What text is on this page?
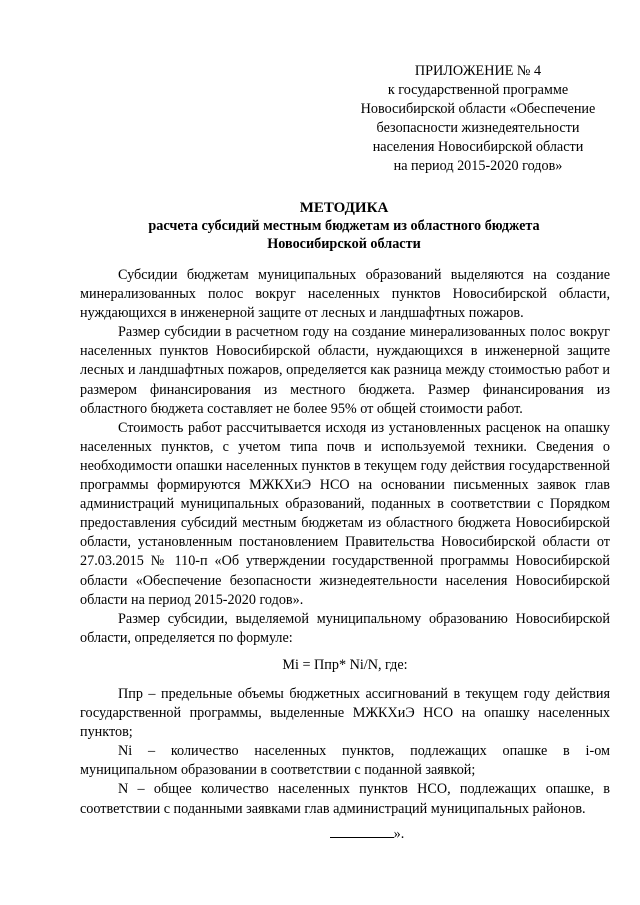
ПРИЛОЖЕНИЕ № 4
к государственной программе
Новосибирской области «Обеспечение
безопасности жизнедеятельности
населения Новосибирской области
на период 2015-2020 годов»
МЕТОДИКА
расчета субсидий местным бюджетам из областного бюджета
Новосибирской области

Субсидии бюджетам муниципальных образований выделяются на создание минерализованных полос вокруг населенных пунктов Новосибирской области, нуждающихся в инженерной защите от лесных и ландшафтных пожаров.

Размер субсидии в расчетном году на создание минерализованных полос вокруг населенных пунктов Новосибирской области, нуждающихся в инженерной защите лесных и ландшафтных пожаров, определяется как разница между стоимостью работ и размером финансирования из местного бюджета. Размер финансирования из областного бюджета составляет не более 95% от общей стоимости работ.

Стоимость работ рассчитывается исходя из установленных расценок на опашку населенных пунктов, с учетом типа почв и используемой техники. Сведения о необходимости опашки населенных пунктов в текущем году действия государственной программы формируются МЖКХиЭ НСО на основании письменных заявок глав администраций муниципальных образований, поданных в соответствии с Порядком предоставления субсидий местным бюджетам из областного бюджета Новосибирской области, установленным постановлением Правительства Новосибирской области от 27.03.2015 № 110-п «Об утверждении государственной программы Новосибирской области «Обеспечение безопасности жизнедеятельности населения Новосибирской области на период 2015-2020 годов».

Размер субсидии, выделяемой муниципальному образованию Новосибирской области, определяется по формуле:

Mi = Ппр* Ni/N, где:

Ппр – предельные объемы бюджетных ассигнований в текущем году действия государственной программы, выделенные МЖКХиЭ НСО на опашку населенных пунктов;

Ni – количество населенных пунктов, подлежащих опашке в i-ом муниципальном образовании в соответствии с поданной заявкой;

N – общее количество населенных пунктов НСО, подлежащих опашке, в соответствии с поданными заявками глав администраций муниципальных районов.

».
